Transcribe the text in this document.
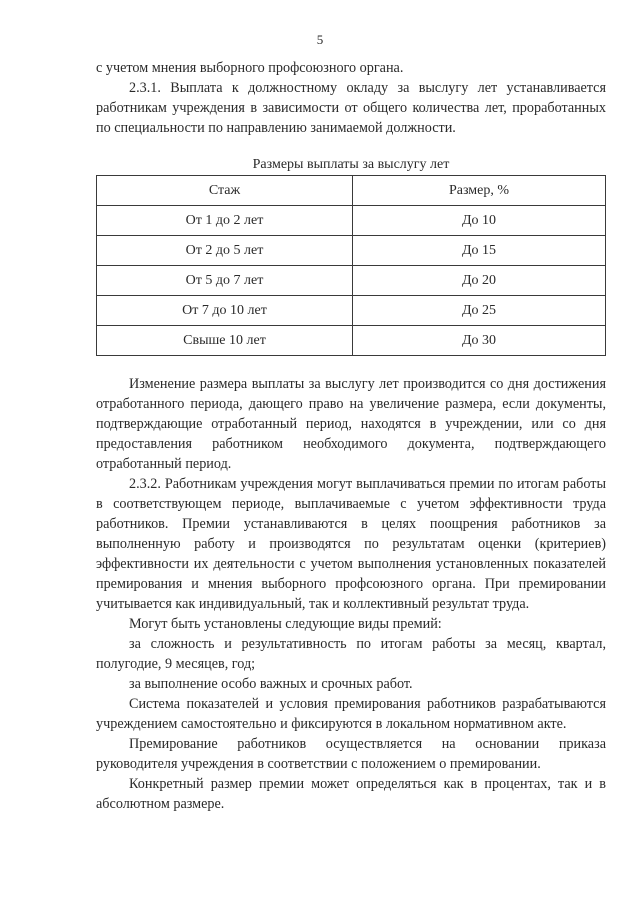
5

с учетом мнения выборного профсоюзного органа.

2.3.1. Выплата к должностному окладу за выслугу лет устанавливается работникам учреждения в зависимости от общего количества лет, проработанных по специальности по направлению занимаемой должности.

Размеры выплаты за выслугу лет
Стаж	Размер, %
От 1 до 2 лет	До 10
От 2 до 5 лет	До 15
От 5 до 7 лет	До 20
От 7 до 10 лет	До 25
Свыше 10 лет	До 30

Изменение размера выплаты за выслугу лет производится со дня достижения отработанного периода, дающего право на увеличение размера, если документы, подтверждающие отработанный период, находятся в учреждении, или со дня предоставления работником необходимого документа, подтверждающего отработанный период.

2.3.2. Работникам учреждения могут выплачиваться премии по итогам работы в соответствующем периоде, выплачиваемые с учетом эффективности труда работников. Премии устанавливаются в целях поощрения работников за выполненную работу и производятся по результатам оценки (критериев) эффективности их деятельности с учетом выполнения установленных показателей премирования и мнения выборного профсоюзного органа. При премировании учитывается как индивидуальный, так и коллективный результат труда.

Могут быть установлены следующие виды премий:

за сложность и результативность по итогам работы за месяц, квартал, полугодие, 9 месяцев, год;

за выполнение особо важных и срочных работ.

Система показателей и условия премирования работников разрабатываются учреждением самостоятельно и фиксируются в локальном нормативном акте.

Премирование работников осуществляется на основании приказа руководителя учреждения в соответствии с положением о премировании.

Конкретный размер премии может определяться как в процентах, так и в абсолютном размере.
